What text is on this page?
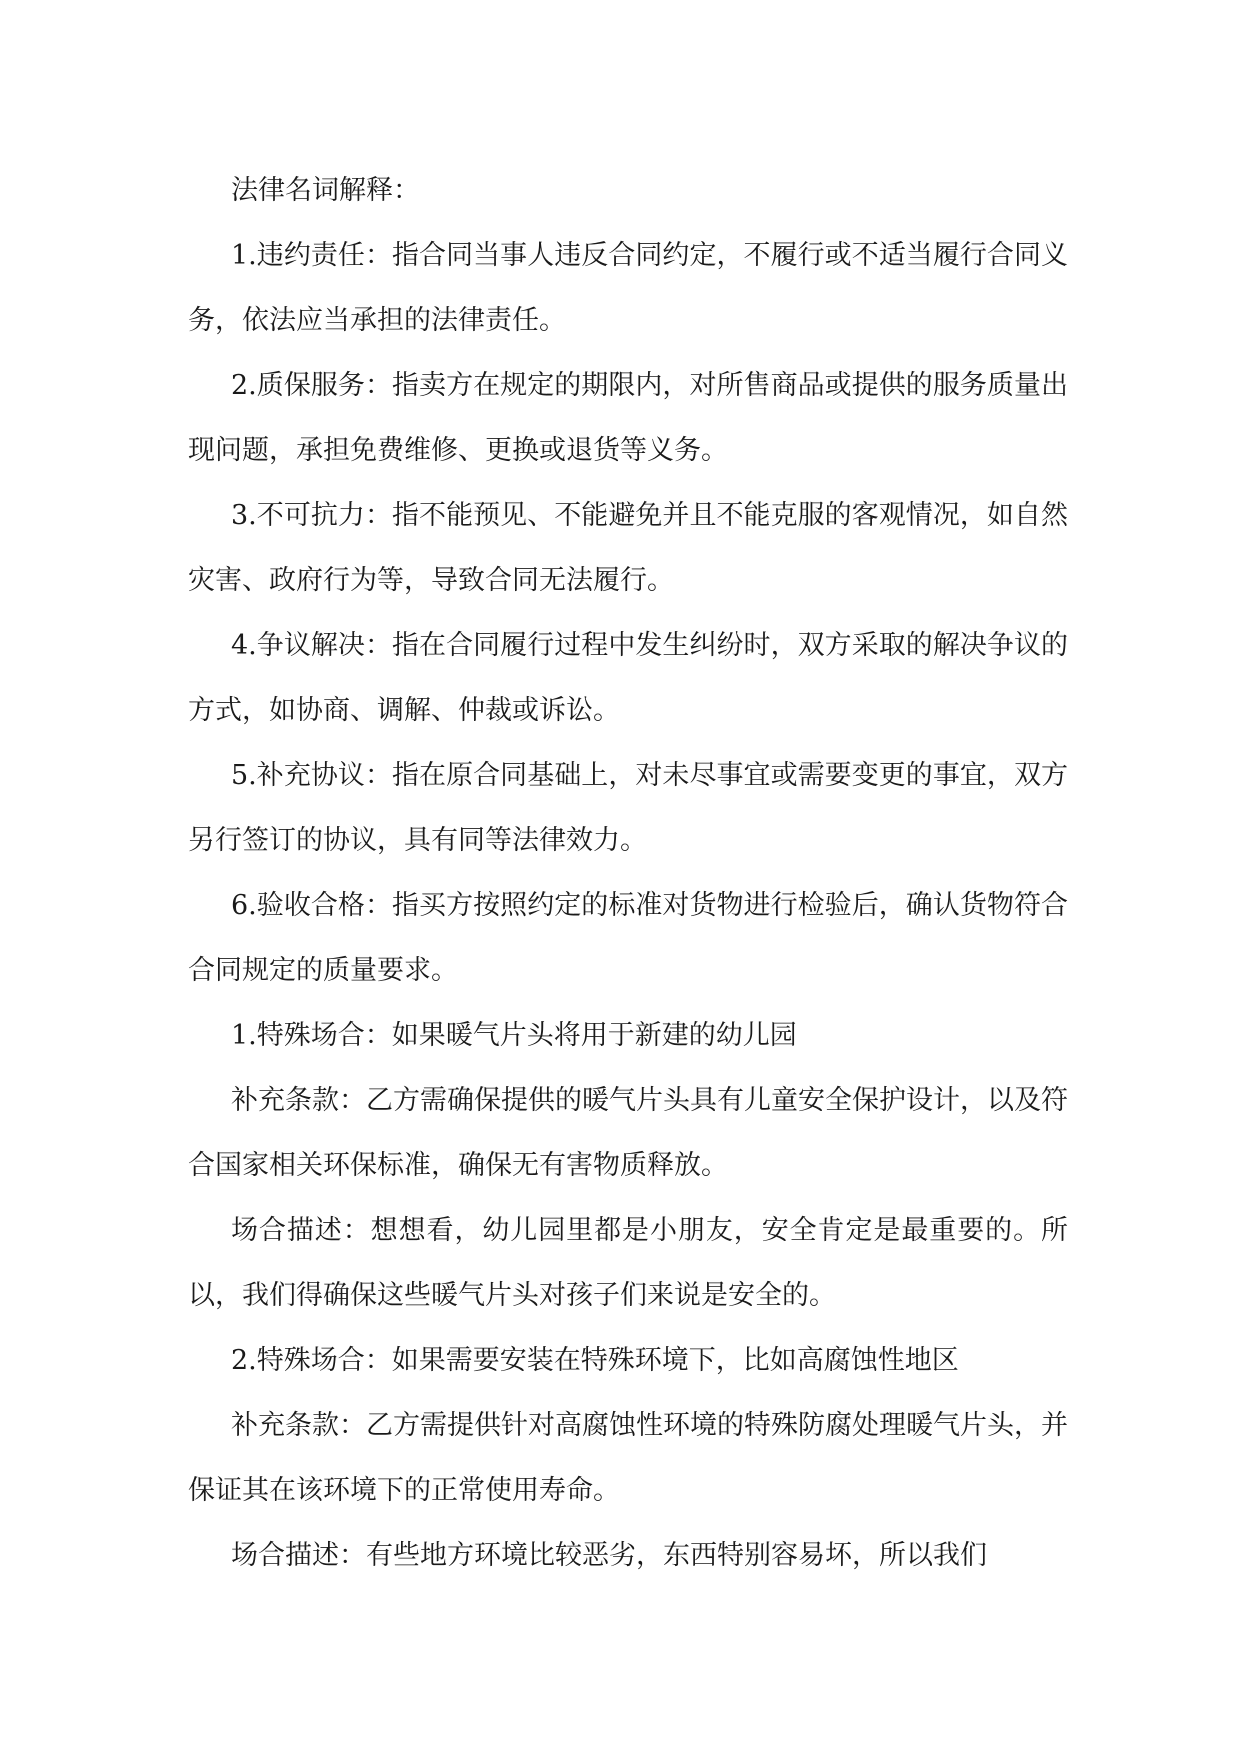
法律名词解释：

1.违约责任：指合同当事人违反合同约定，不履行或不适当履行合同义务，依法应当承担的法律责任。

2.质保服务：指卖方在规定的期限内，对所售商品或提供的服务质量出现问题，承担免费维修、更换或退货等义务。

3.不可抗力：指不能预见、不能避免并且不能克服的客观情况，如自然灾害、政府行为等，导致合同无法履行。

4.争议解决：指在合同履行过程中发生纠纷时，双方采取的解决争议的方式，如协商、调解、仲裁或诉讼。

5.补充协议：指在原合同基础上，对未尽事宜或需要变更的事宜，双方另行签订的协议，具有同等法律效力。

6.验收合格：指买方按照约定的标准对货物进行检验后，确认货物符合合同规定的质量要求。

1.特殊场合：如果暖气片头将用于新建的幼儿园

补充条款：乙方需确保提供的暖气片头具有儿童安全保护设计，以及符合国家相关环保标准，确保无有害物质释放。

场合描述：想想看，幼儿园里都是小朋友，安全肯定是最重要的。所以，我们得确保这些暖气片头对孩子们来说是安全的。

2.特殊场合：如果需要安装在特殊环境下，比如高腐蚀性地区

补充条款：乙方需提供针对高腐蚀性环境的特殊防腐处理暖气片头，并保证其在该环境下的正常使用寿命。

场合描述：有些地方环境比较恶劣，东西特别容易坏，所以我们
